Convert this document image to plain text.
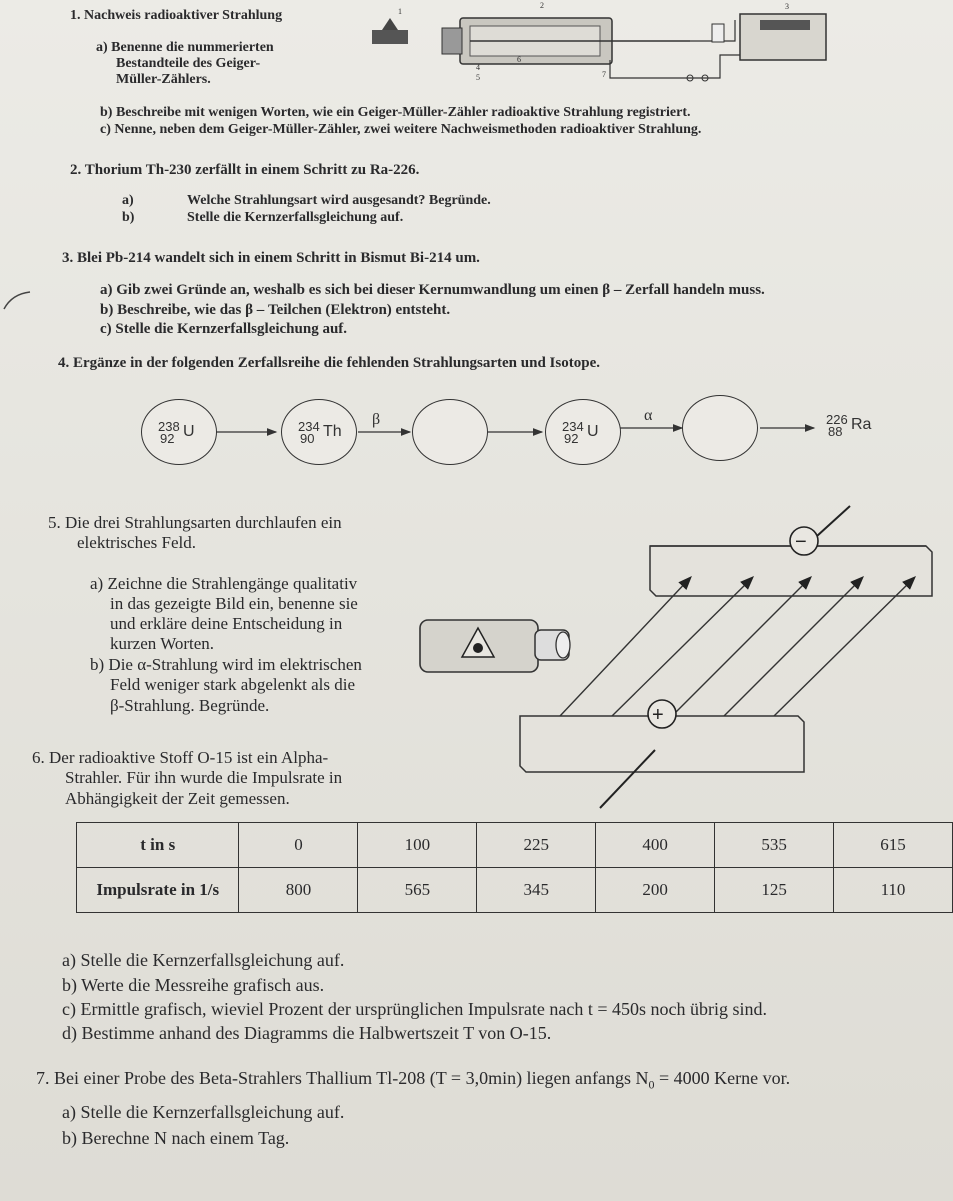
1. Nachweis radioaktiver Strahlung
a) Benenne die nummerierten
Bestandteile des Geiger-
Müller-Zählers.
1
2	3
4
5
6
7
b) Beschreibe mit wenigen Worten, wie ein Geiger-Müller-Zähler radioaktive Strahlung registriert.
c) Nenne, neben dem Geiger-Müller-Zähler, zwei weitere Nachweismethoden radioaktiver Strahlung.
2. Thorium Th-230 zerfällt in einem Schritt zu Ra-226.
a)	Welche Strahlungsart wird ausgesandt? Begründe.
b)	Stelle die Kernzerfallsgleichung auf.
3. Blei Pb-214 wandelt sich in einem Schritt in Bismut Bi-214 um.
a) Gib zwei Gründe an, weshalb es sich bei dieser Kernumwandlung um einen β – Zerfall handeln muss.
b) Beschreibe, wie das β – Teilchen (Elektron) entsteht.
c) Stelle die Kernzerfallsgleichung auf.
4. Ergänze in der folgenden Zerfallsreihe die fehlenden Strahlungsarten und Isotope.
β	α
238
92 U	234
90 Th	234
92 U
226
88 Ra
5. Die drei Strahlungsarten durchlaufen ein
elektrisches Feld.
a) Zeichne die Strahlengänge qualitativ
in das gezeigte Bild ein, benenne sie
und erkläre deine Entscheidung in
kurzen Worten.
b) Die α-Strahlung wird im elektrischen
Feld weniger stark abgelenkt als die
β-Strahlung. Begründe.
−
+
6. Der radioaktive Stoff O-15 ist ein Alpha-
Strahler. Für ihn wurde die Impulsrate in
Abhängigkeit der Zeit gemessen.
t in s	0	100	225	400	535	615
Impulsrate in 1/s	800	565	345	200	125	110
a) Stelle die Kernzerfallsgleichung auf.
b) Werte die Messreihe grafisch aus.
c) Ermittle grafisch, wieviel Prozent der ursprünglichen Impulsrate nach t = 450s noch übrig sind.
d) Bestimme anhand des Diagramms die Halbwertszeit T von O-15.
7. Bei einer Probe des Beta-Strahlers Thallium Tl-208 (T = 3,0min) liegen anfangs $N_0 = 4000$ Kerne vor.
a) Stelle die Kernzerfallsgleichung auf.
b) Berechne N nach einem Tag.
